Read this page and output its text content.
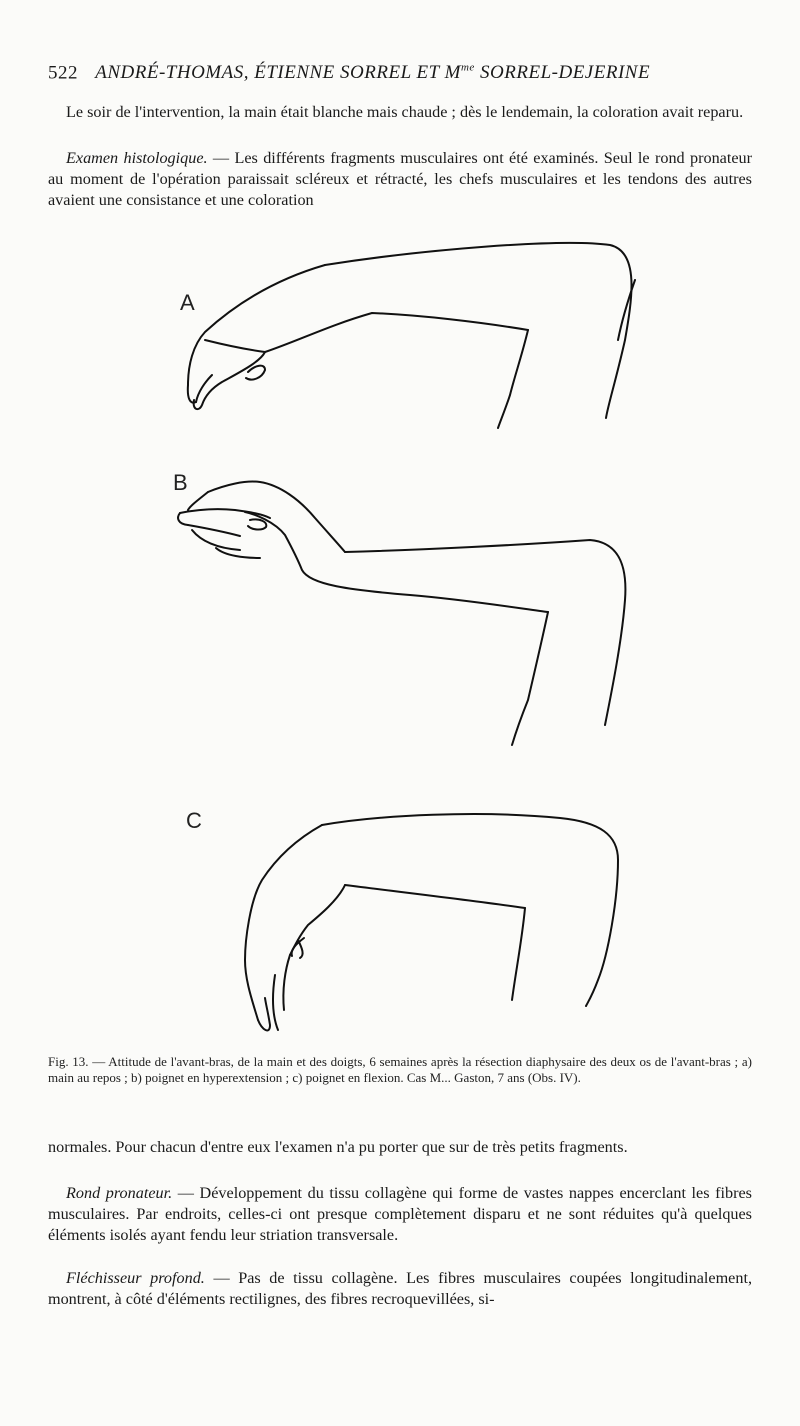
522 ANDRÉ-THOMAS, ÉTIENNE SORREL ET $M^{me}$ SORREL-DEJERINE
Le soir de l'intervention, la main était blanche mais chaude ; dès le lendemain, la coloration avait reparu.
Examen histologique. — Les différents fragments musculaires ont été examinés. Seul le rond pronateur au moment de l'opération paraissait scléreux et rétracté, les chefs musculaires et les tendons des autres avaient une consistance et une coloration
A
B
C
Fig. 13. — Attitude de l'avant-bras, de la main et des doigts, 6 semaines après la résection diaphysaire des deux os de l'avant-bras ; a) main au repos ; b) poignet en hyperextension ; c) poignet en flexion. Cas M... Gaston, 7 ans (Obs. IV).
normales. Pour chacun d'entre eux l'examen n'a pu porter que sur de très petits fragments.
Rond pronateur. — Développement du tissu collagène qui forme de vastes nappes encerclant les fibres musculaires. Par endroits, celles-ci ont presque complètement disparu et ne sont réduites qu'à quelques éléments isolés ayant fendu leur striation transversale.
Fléchisseur profond. — Pas de tissu collagène. Les fibres musculaires coupées longitudinalement, montrent, à côté d'éléments rectilignes, des fibres recroquevillées, si-
